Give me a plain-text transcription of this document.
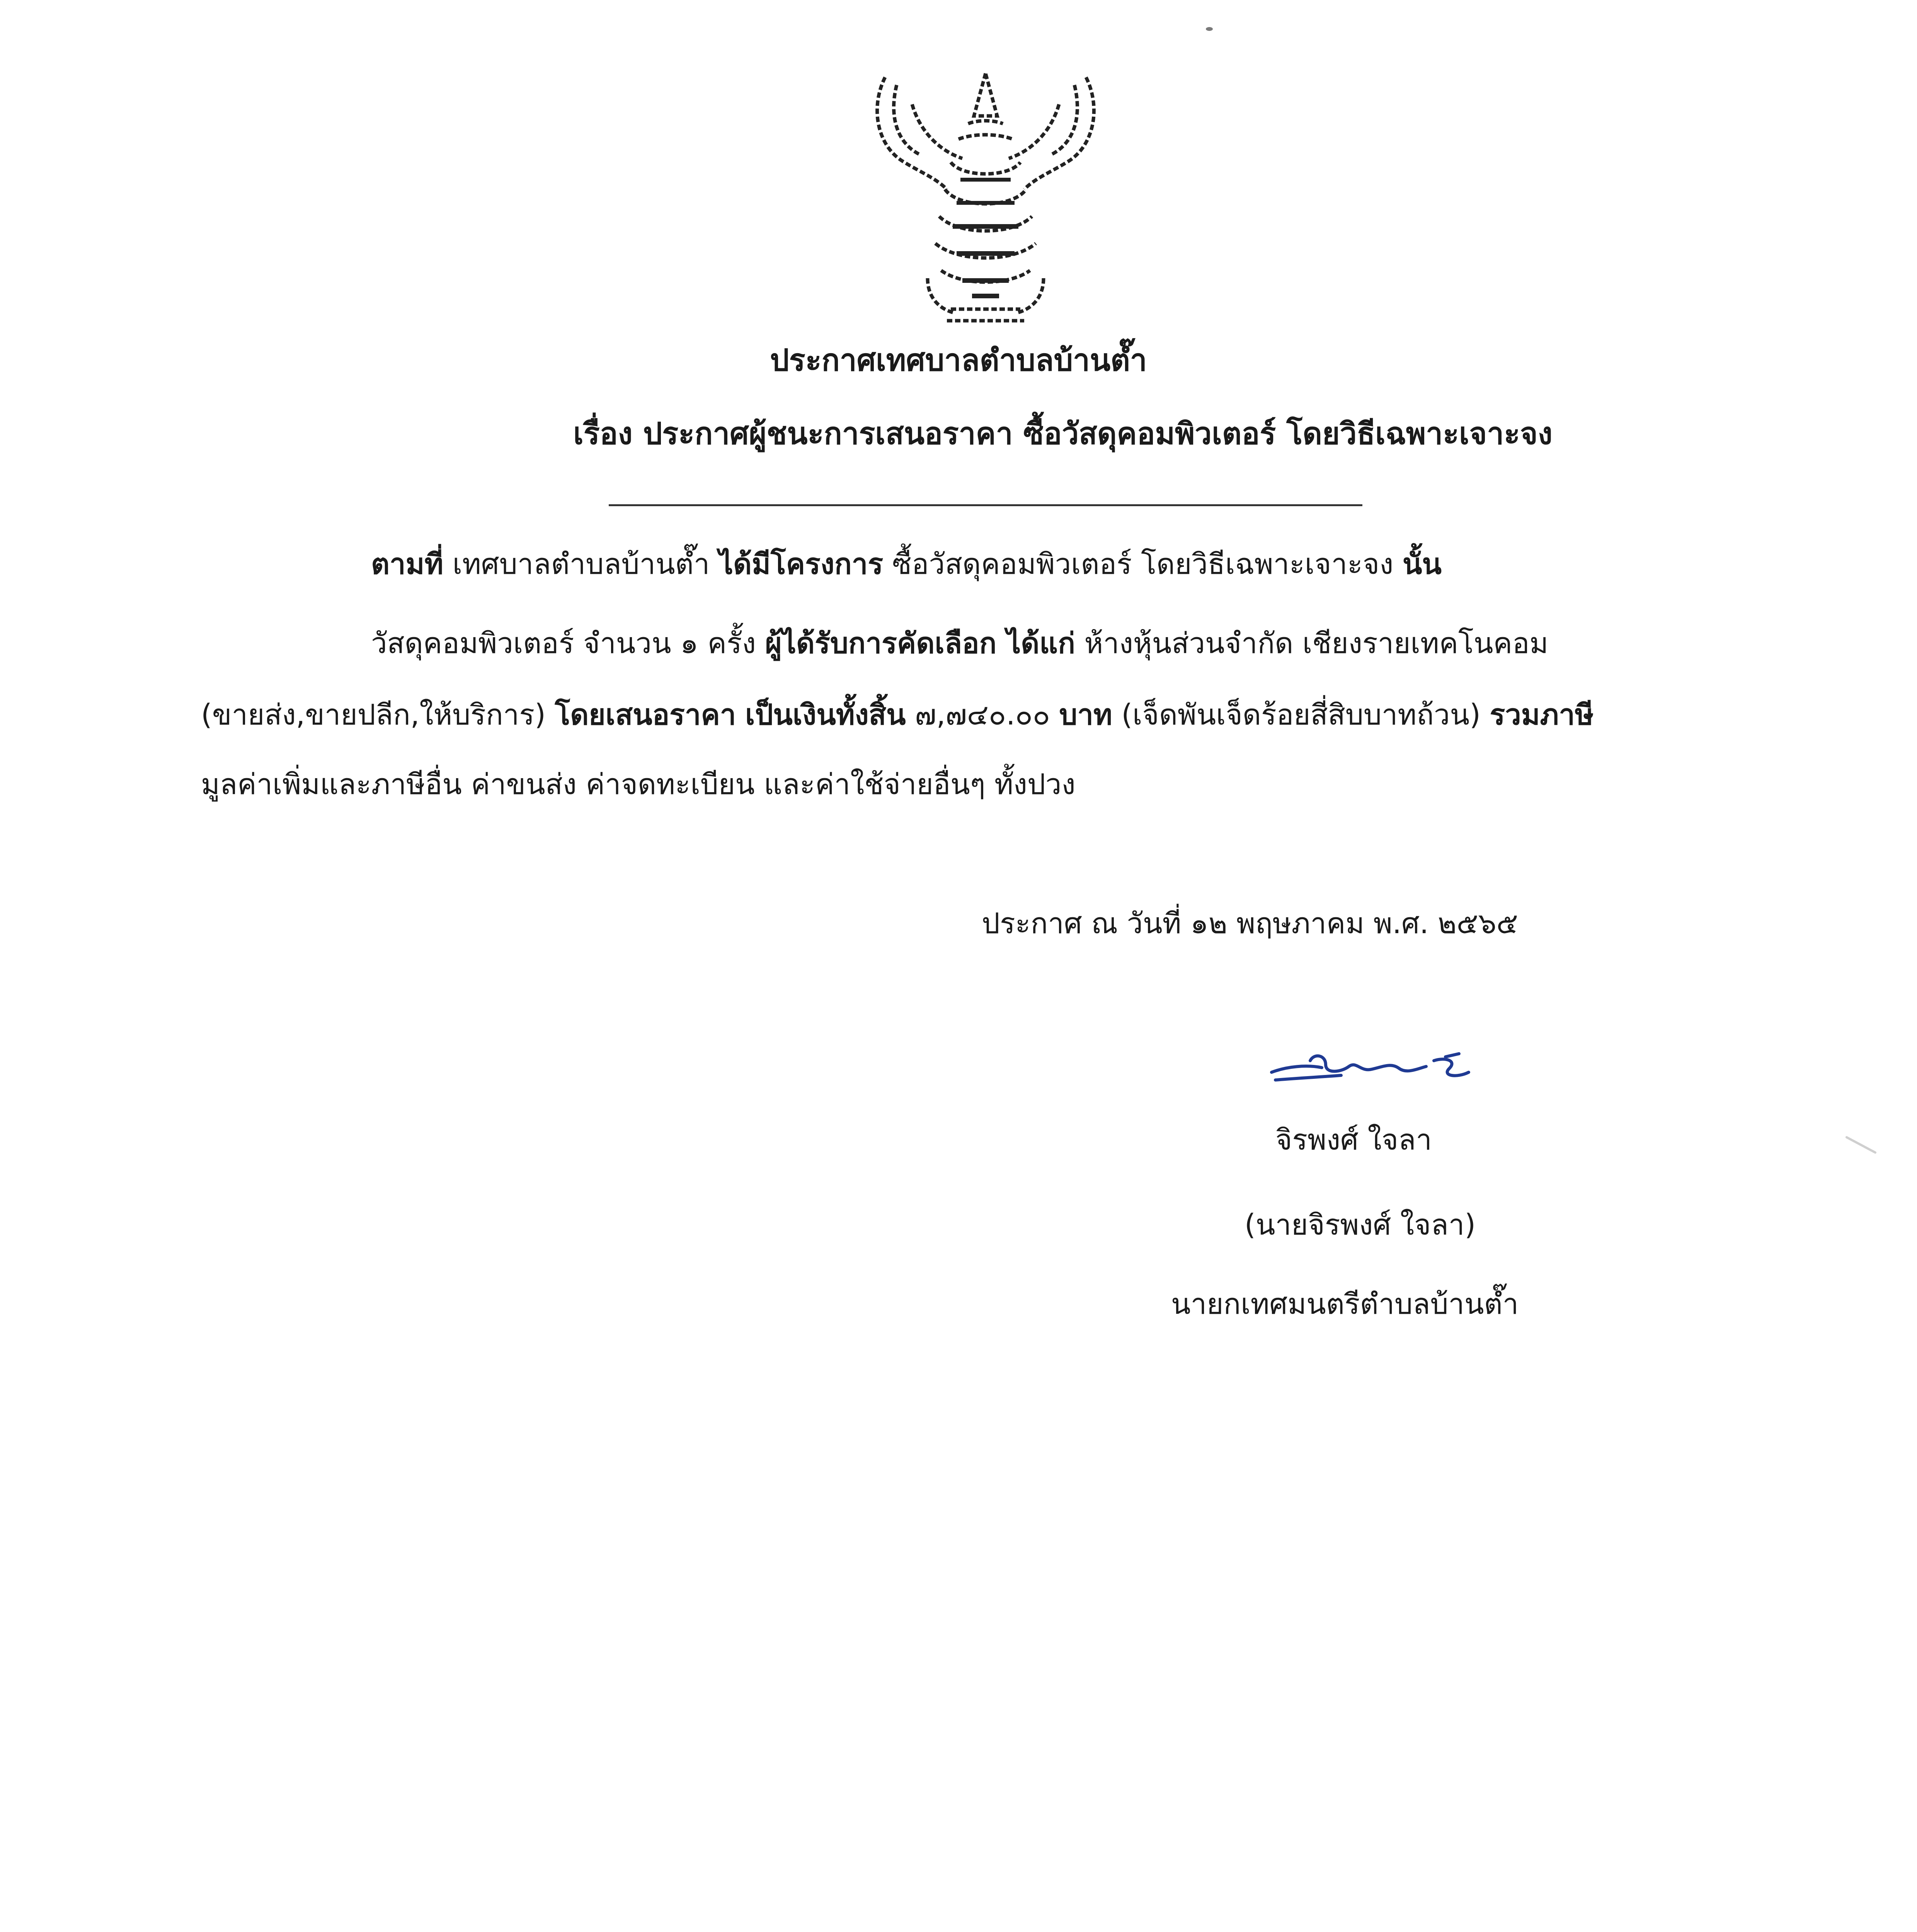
ประกาศเทศบาลตำบลบ้านต๊ำ
เรื่อง ประกาศผู้ชนะการเสนอราคา ซื้อวัสดุคอมพิวเตอร์ โดยวิธีเฉพาะเจาะจง
ตามที่ เทศบาลตำบลบ้านต๊ำ ได้มีโครงการ ซื้อวัสดุคอมพิวเตอร์ โดยวิธีเฉพาะเจาะจง นั้น
วัสดุคอมพิวเตอร์ จำนวน ๑ ครั้ง ผู้ได้รับการคัดเลือก ได้แก่ ห้างหุ้นส่วนจำกัด เชียงรายเทคโนคอม
(ขายส่ง,ขายปลีก,ให้บริการ) โดยเสนอราคา เป็นเงินทั้งสิ้น ๗,๗๔๐.๐๐ บาท (เจ็ดพันเจ็ดร้อยสี่สิบบาทถ้วน) รวมภาษี
มูลค่าเพิ่มและภาษีอื่น ค่าขนส่ง ค่าจดทะเบียน และค่าใช้จ่ายอื่นๆ ทั้งปวง
ประกาศ ณ วันที่ ๑๒ พฤษภาคม พ.ศ. ๒๕๖๕
จิรพงศ์ ใจลา
(นายจิรพงศ์ ใจลา)
นายกเทศมนตรีตำบลบ้านต๊ำ
